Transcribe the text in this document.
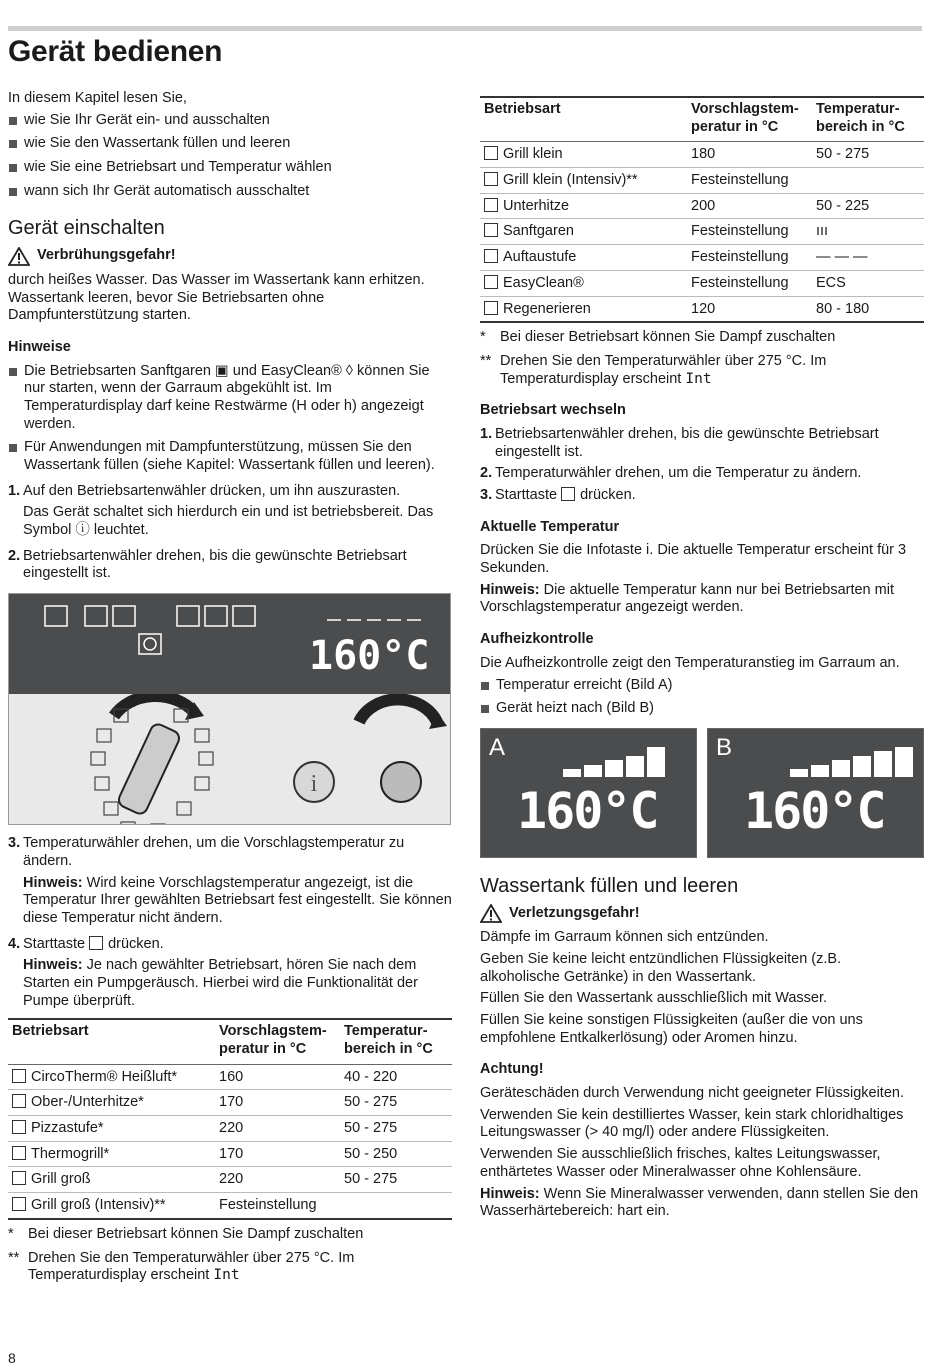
Gerät bedienen

In diesem Kapitel lesen Sie,

wie Sie Ihr Gerät ein- und ausschalten
wie Sie den Wassertank füllen und leeren
wie Sie eine Betriebsart und Temperatur wählen
wann sich Ihr Gerät automatisch ausschaltet
Gerät einschalten
Verbrühungsgefahr!

durch heißes Wasser. Das Wasser im Wassertank kann erhitzen. Wassertank leeren, bevor Sie Betriebsarten ohne Dampfunterstützung starten.

Hinweise
Die Betriebsarten Sanftgaren ▣ und EasyClean® ◊ können Sie nur starten, wenn der Garraum abgekühlt ist. Im Temperaturdisplay darf keine Restwärme (H oder h) angezeigt werden.
Für Anwendungen mit Dampfunterstützung, müssen Sie den Wassertank füllen (siehe Kapitel: Wassertank füllen und leeren).
1. Auf den Betriebsartenwähler drücken, um ihn auszurasten.

Das Gerät schaltet sich hierdurch ein und ist betriebsbereit. Das Symbol ⓘ leuchtet.

2. Betriebsartenwähler drehen, bis die gewünschte Betriebsart eingestellt ist.
160°C
i
3. Temperaturwähler drehen, um die Vorschlagstemperatur zu ändern.

Hinweis: Wird keine Vorschlagstemperatur angezeigt, ist die Temperatur Ihrer gewählten Betriebsart fest eingestellt. Sie können diese Temperatur nicht ändern.

4. Starttaste drücken.

Hinweis: Je nach gewählter Betriebsart, hören Sie nach dem Starten ein Pumpgeräusch. Hierbei wird die Funktionalität der Pumpe überprüft.

Betriebsart	Vorschlagstem-peratur in °C	Temperatur-bereich in °C
CircoTherm® Heißluft*	160	40 - 220
Ober-/Unterhitze*	170	50 - 275
Pizzastufe*	220	50 - 275
Thermogrill*	170	50 - 250
Grill groß	220	50 - 275
Grill groß (Intensiv)**	Festeinstellung	
* Bei dieser Betriebsart können Sie Dampf zuschalten
** Drehen Sie den Temperaturwähler über 275 °C. Im Temperaturdisplay erscheint Int
Betriebsart	Vorschlagstem-peratur in °C	Temperatur-bereich in °C
Grill klein	180	50 - 275
Grill klein (Intensiv)**	Festeinstellung	
Unterhitze	200	50 - 225
Sanftgaren	Festeinstellung	ııı
Auftaustufe	Festeinstellung	— — —
EasyClean®	Festeinstellung	ECS
Regenerieren	120	80 - 180
* Bei dieser Betriebsart können Sie Dampf zuschalten
** Drehen Sie den Temperaturwähler über 275 °C. Im Temperaturdisplay erscheint Int
Betriebsart wechseln
1. Betriebsartenwähler drehen, bis die gewünschte Betriebsart eingestellt ist.
2. Temperaturwähler drehen, um die Temperatur zu ändern.
3. Starttaste drücken.
Aktuelle Temperatur

Drücken Sie die Infotaste i. Die aktuelle Temperatur erscheint für 3 Sekunden.

Hinweis: Die aktuelle Temperatur kann nur bei Betriebsarten mit Vorschlagstemperatur angezeigt werden.

Aufheizkontrolle

Die Aufheizkontrolle zeigt den Temperaturanstieg im Garraum an.

Temperatur erreicht (Bild A)
Gerät heizt nach (Bild B)
A
160°C
B
160°C
Wassertank füllen und leeren
Verletzungsgefahr!

Dämpfe im Garraum können sich entzünden.

Geben Sie keine leicht entzündlichen Flüssigkeiten (z.B. alkoholische Getränke) in den Wassertank.

Füllen Sie den Wassertank ausschließlich mit Wasser.

Füllen Sie keine sonstigen Flüssigkeiten (außer die von uns empfohlene Entkalkerlösung) oder Aromen hinzu.

Achtung!

Geräteschäden durch Verwendung nicht geeigneter Flüssigkeiten.

Verwenden Sie kein destilliertes Wasser, kein stark chloridhaltiges Leitungswasser (> 40 mg/l) oder andere Flüssigkeiten.

Verwenden Sie ausschließlich frisches, kaltes Leitungswasser, enthärtetes Wasser oder Mineralwasser ohne Kohlensäure.

Hinweis: Wenn Sie Mineralwasser verwenden, dann stellen Sie den Wasserhärtebereich: hart ein.

8
